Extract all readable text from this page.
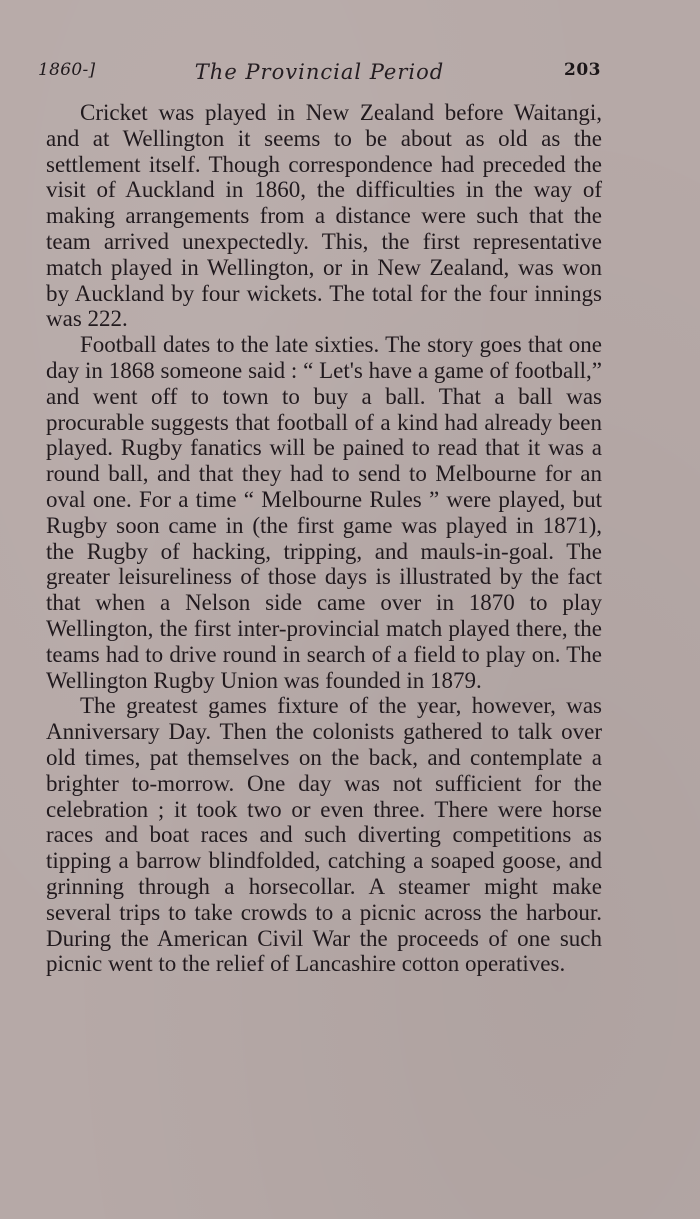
1860-]	The Provincial Period	203

Cricket was played in New Zealand before Waitangi, and at Wellington it seems to be about as old as the settlement itself. Though correspondence had preceded the visit of Auckland in 1860, the difficulties in the way of making arrangements from a distance were such that the team arrived unexpectedly. This, the first representative match played in Wellington, or in New Zealand, was won by Auckland by four wickets. The total for the four innings was 222.

Football dates to the late sixties. The story goes that one day in 1868 someone said : “ Let's have a game of football,” and went off to town to buy a ball. That a ball was procurable suggests that football of a kind had already been played. Rugby fanatics will be pained to read that it was a round ball, and that they had to send to Melbourne for an oval one. For a time “ Melbourne Rules ” were played, but Rugby soon came in (the first game was played in 1871), the Rugby of hacking, tripping, and mauls-in-goal. The greater leisureliness of those days is illustrated by the fact that when a Nelson side came over in 1870 to play Wellington, the first inter-provincial match played there, the teams had to drive round in search of a field to play on. The Wellington Rugby Union was founded in 1879.

The greatest games fixture of the year, however, was Anniversary Day. Then the colonists gathered to talk over old times, pat themselves on the back, and contemplate a brighter to-morrow. One day was not sufficient for the celebration ; it took two or even three. There were horse races and boat races and such diverting competitions as tipping a barrow blindfolded, catching a soaped goose, and grinning through a horsecollar. A steamer might make several trips to take crowds to a picnic across the harbour. During the American Civil War the proceeds of one such picnic went to the relief of Lancashire cotton operatives.
